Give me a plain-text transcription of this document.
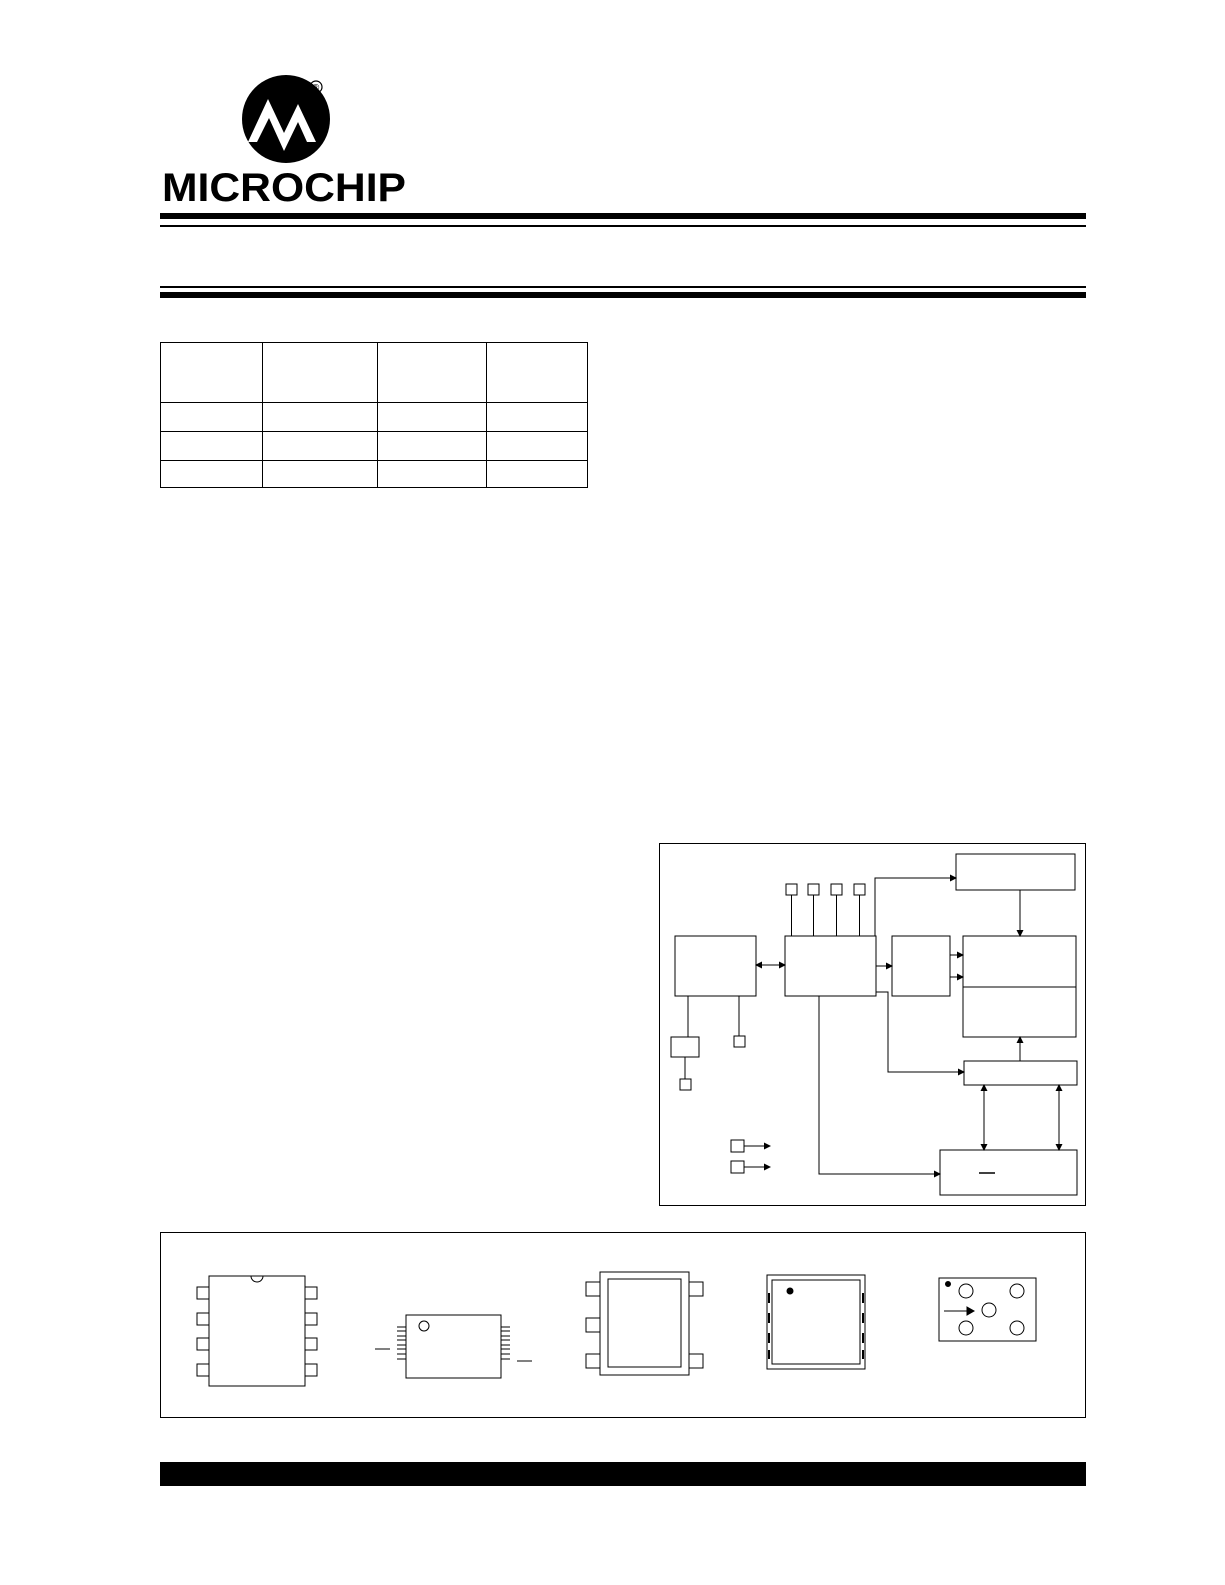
®
MICROCHIP
